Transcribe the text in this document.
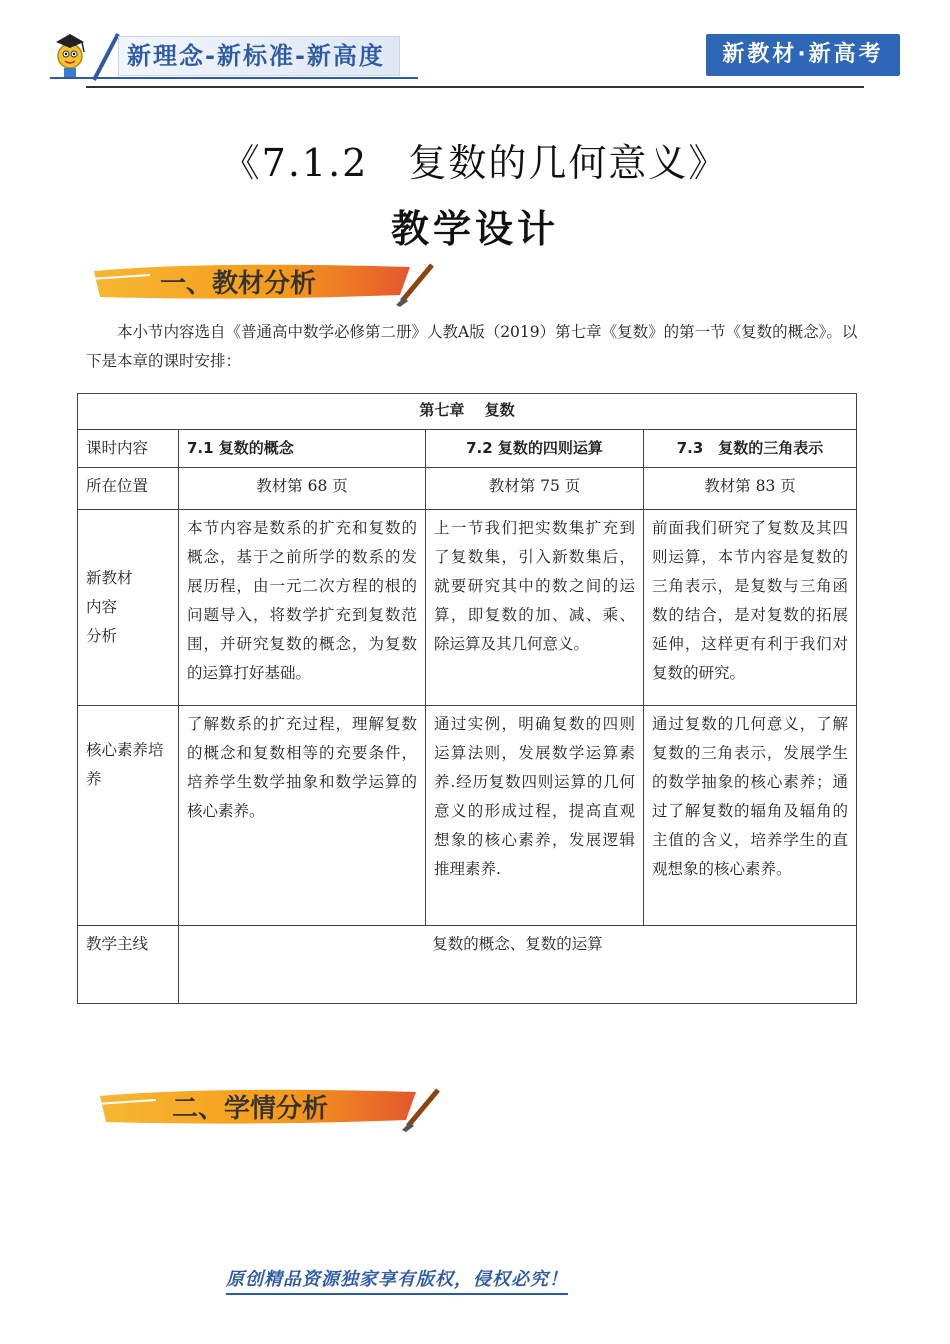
新理念-新标准-新高度	新教材·新高考
《7.1.2　复数的几何意义》
教学设计
一、教材分析
本小节内容选自《普通高中数学必修第二册》人教A版（2019）第七章《复数》的第一节《复数的概念》。以下是本章的课时安排：
第七章　 复数			
课时内容	7.1 复数的概念	7.2 复数的四则运算	7.3　复数的三角表示
所在位置	教材第 68 页	教材第 75 页	教材第 83 页

新教材
内容
分析	本节内容是数系的扩充和复数的概念，基于之前所学的数系的发展历程，由一元二次方程的根的问题导入，将数学扩充到复数范围，并研究复数的概念，为复数的运算打好基础。	上一节我们把实数集扩充到了复数集，引入新数集后，就要研究其中的数之间的运算，即复数的加、减、乘、除运算及其几何意义。	前面我们研究了复数及其四则运算，本节内容是复数的三角表示，是复数与三角函数的结合，是对复数的拓展延伸，这样更有利于我们对复数的研究。
核心素养培养	了解数系的扩充过程，理解复数的概念和复数相等的充要条件，培养学生数学抽象和数学运算的核心素养。	通过实例，明确复数的四则运算法则，发展数学运算素养.经历复数四则运算的几何意义的形成过程，提高直观想象的核心素养，发展逻辑推理素养.	通过复数的几何意义，了解复数的三角表示，发展学生的数学抽象的核心素养；通过了解复数的辐角及辐角的主值的含义，培养学生的直观想象的核心素养。
教学主线	复数的概念、复数的运算		
二、学情分析
原创精品资源独家享有版权，侵权必究！
